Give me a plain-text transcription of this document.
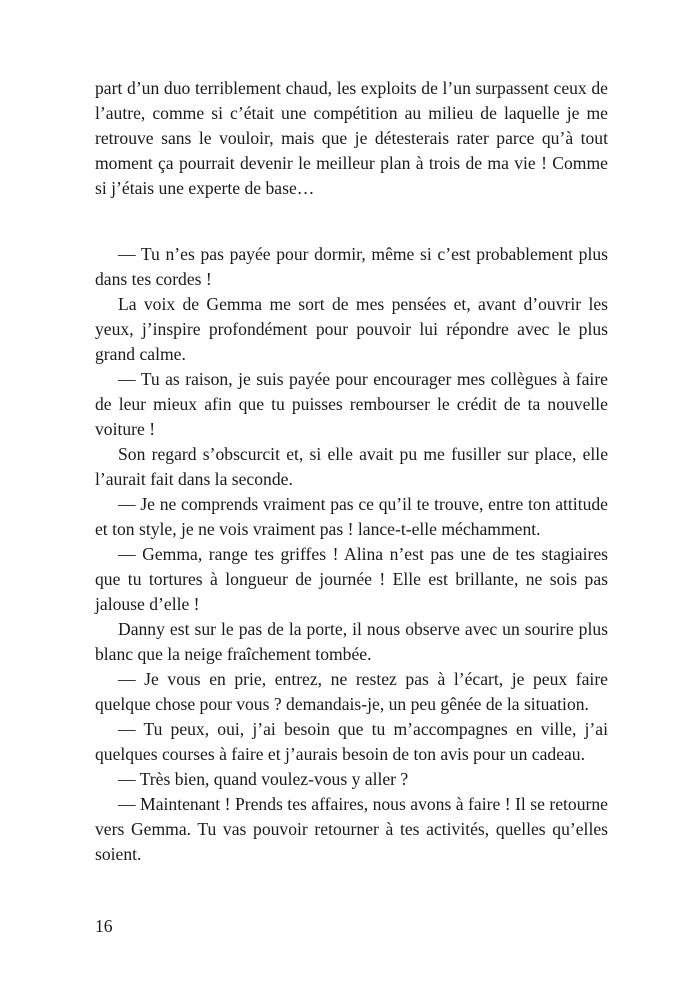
part d’un duo terriblement chaud, les exploits de l’un surpassent ceux de l’autre, comme si c’était une compétition au milieu de laquelle je me retrouve sans le vouloir, mais que je détesterais rater parce qu’à tout moment ça pourrait devenir le meilleur plan à trois de ma vie ! Comme si j’étais une experte de base…

— Tu n’es pas payée pour dormir, même si c’est probablement plus dans tes cordes !

La voix de Gemma me sort de mes pensées et, avant d’ouvrir les yeux, j’inspire profondément pour pouvoir lui répondre avec le plus grand calme.

— Tu as raison, je suis payée pour encourager mes collègues à faire de leur mieux afin que tu puisses rembourser le crédit de ta nouvelle voiture !

Son regard s’obscurcit et, si elle avait pu me fusiller sur place, elle l’aurait fait dans la seconde.

— Je ne comprends vraiment pas ce qu’il te trouve, entre ton attitude et ton style, je ne vois vraiment pas ! lance-t-elle méchamment.

— Gemma, range tes griffes ! Alina n’est pas une de tes stagiaires que tu tortures à longueur de journée ! Elle est brillante, ne sois pas jalouse d’elle !

Danny est sur le pas de la porte, il nous observe avec un sourire plus blanc que la neige fraîchement tombée.

— Je vous en prie, entrez, ne restez pas à l’écart, je peux faire quelque chose pour vous ? demandais-je, un peu gênée de la situation.

— Tu peux, oui, j’ai besoin que tu m’accompagnes en ville, j’ai quelques courses à faire et j’aurais besoin de ton avis pour un cadeau.

— Très bien, quand voulez-vous y aller ?

— Maintenant ! Prends tes affaires, nous avons à faire ! Il se retourne vers Gemma. Tu vas pouvoir retourner à tes activités, quelles qu’elles soient.

16
